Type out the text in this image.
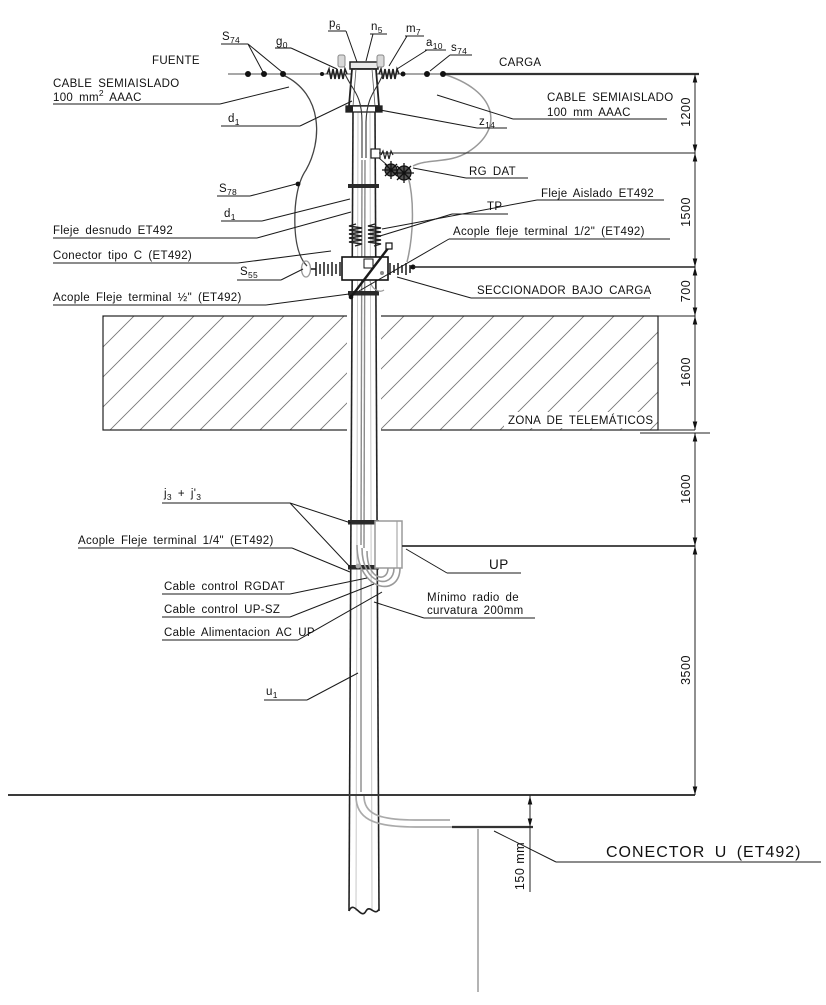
FUENTE	CARGA
$S_{74}$	$g_0$
$p_6$	$n_5$ $m_7$
$a_{10}$ $s_{74}$
CABLE SEMIAISLADO
100 $mm^2$ AAAC
$d_1$
CABLE SEMIAISLADO
100 mm AAAC
$z_{14}$
RG DAT
Fleje Aislado ET492
$S_{78}$
$d_1$
TP
Fleje desnudo ET492	Acople fleje terminal 1/2" (ET492)
Conector tipo C (ET492)
$S_{55}$
SECCIONADOR BAJO CARGA
Acople Fleje terminal ½" (ET492)
ZONA DE TELEMÁTICOS
$j_3 + j'_3$
Acople Fleje terminal 1/4" (ET492)
Cable control RGDAT
Cable control UP-SZ
Cable Alimentacion AC UP
$u_1$
UP
Mínimo radio de
curvatura 200mm
CONECTOR U (ET492)
1200
1500
700
1600
1600
3500
150 mm
